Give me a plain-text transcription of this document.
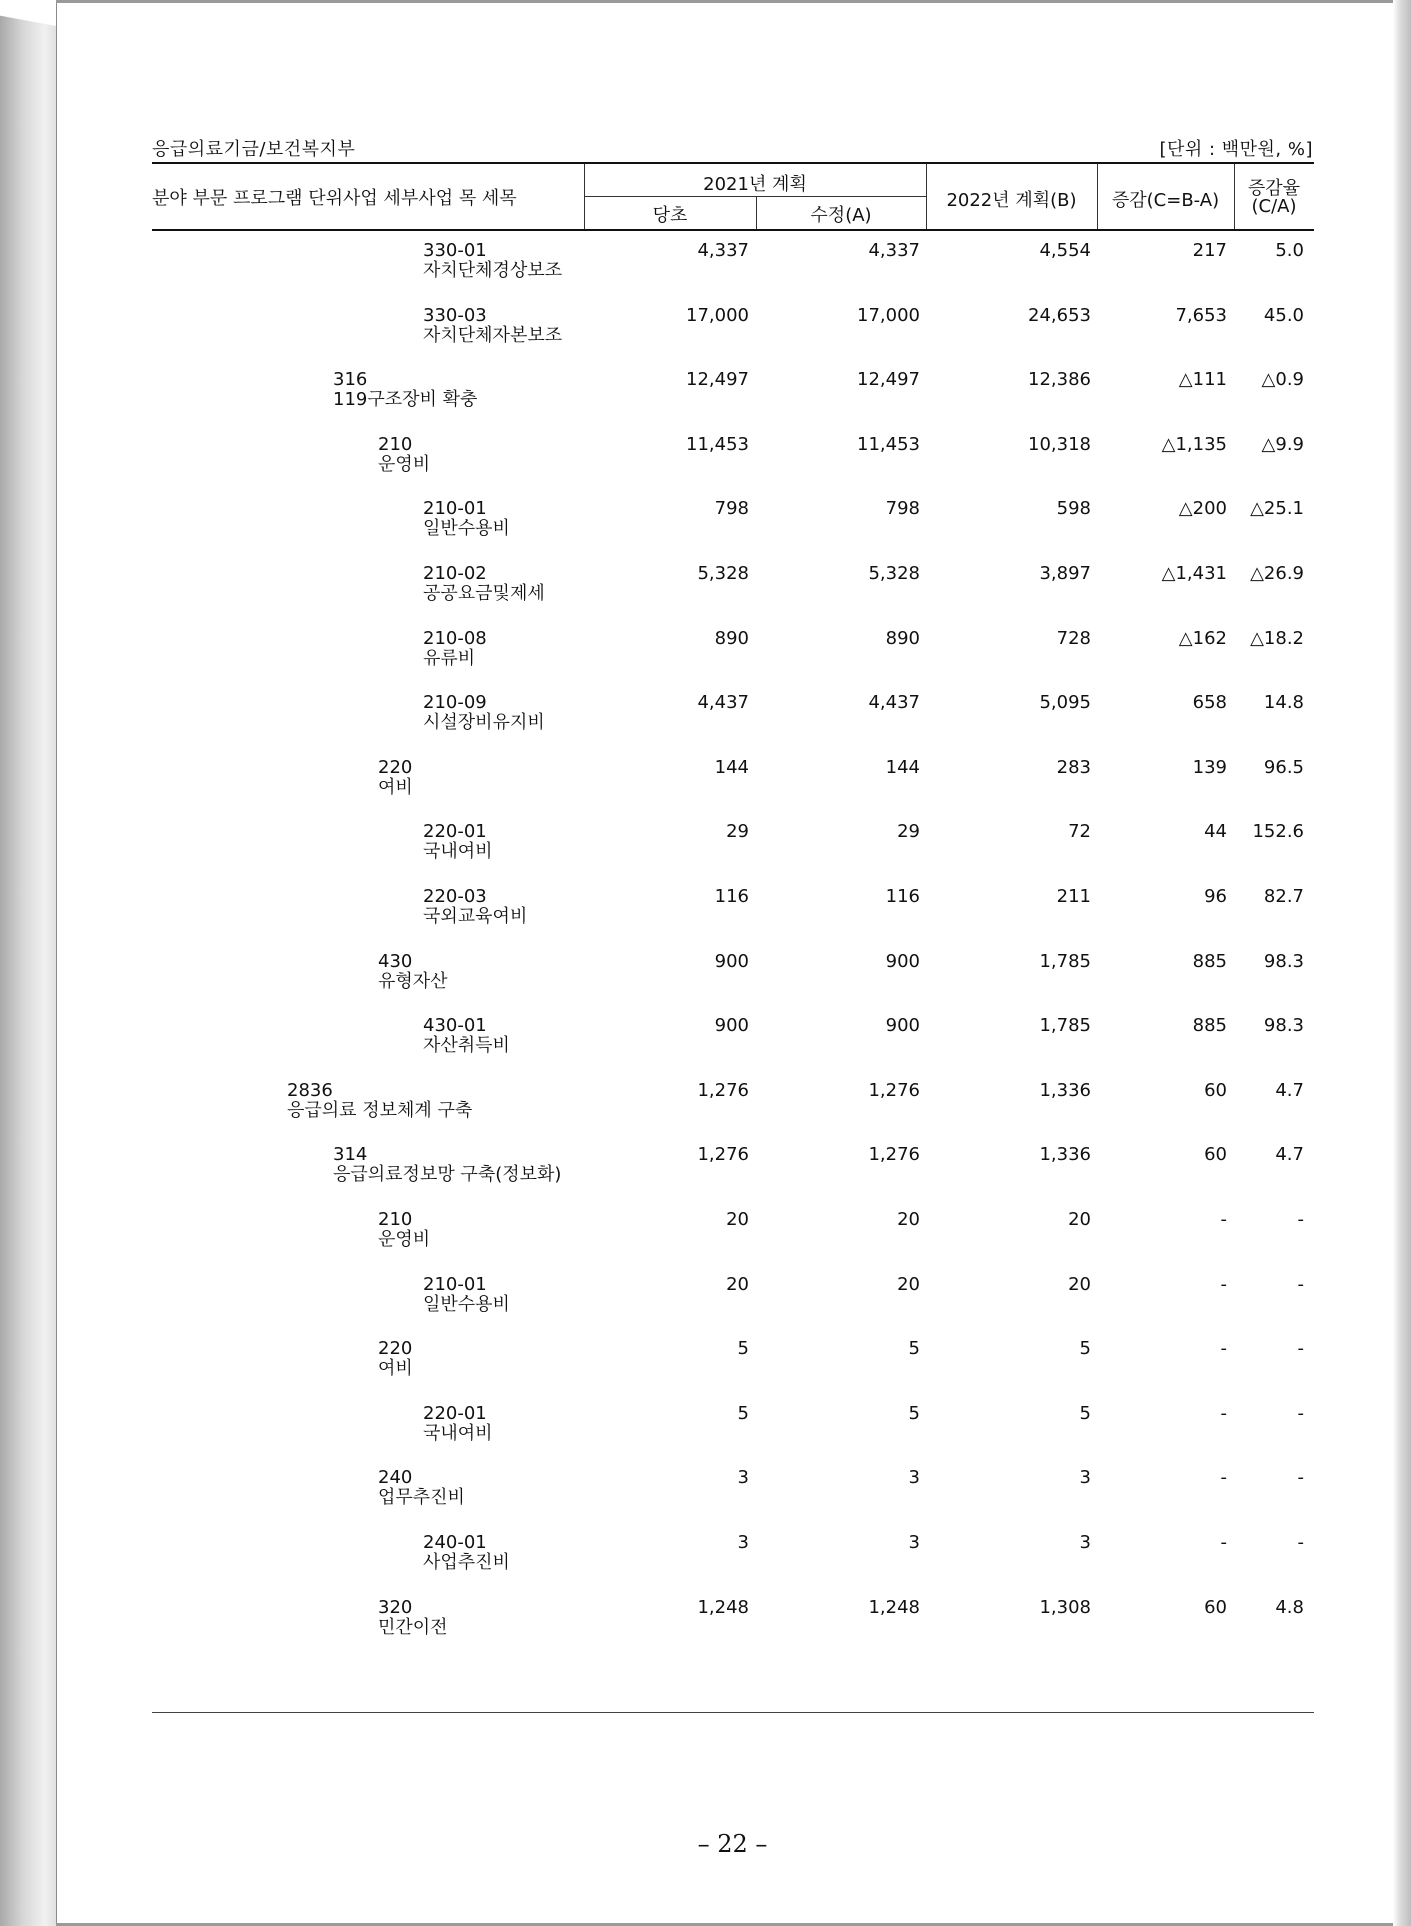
응급의료기금/보건복지부	[단위 : 백만원, %]
분야 부문 프로그램 단위사업 세부사업 목 세목
2021년 계획
당초	수정(A)
2022년 계획(B)	증감(C=B-A)
증감율
(C/A)
330-01
자치단체경상보조
4,337	4,337	4,554	217	5.0
330-03
자치단체자본보조
17,000	17,000	24,653	7,653 45.0
316
119구조장비 확충
12,497	12,497	12,386	△111 △0.9
210
운영비
11,453	11,453	10,318	△1,135 △9.9
210-01
일반수용비
798	798	598	△200 △25.1
210-02
공공요금및제세
5,328	5,328	3,897	△1,431 △26.9
210-08
유류비
890	890	728	△162 △18.2
210-09
시설장비유지비
4,437	4,437	5,095	658 14.8
220
여비
144	144	283	139 96.5
220-01
국내여비
29	29	72	44 152.6
220-03
국외교육여비
116	116	211	96 82.7
430
유형자산
900	900	1,785	885 98.3
430-01
자산취득비
900	900	1,785	885 98.3
2836
응급의료 정보체계 구축
1,276	1,276	1,336	60	4.7
314
응급의료정보망 구축(정보화)
1,276	1,276	1,336	60	4.7
210
운영비
20	20	20	-	-
210-01
일반수용비
20	20	20	-	-
220
여비
5	5	5	-	-
220-01
국내여비
5	5	5	-	-
240
업무추진비
3	3	3	-	-
240-01
사업추진비
3	3	3	-	-
320
민간이전
1,248	1,248	1,308	60	4.8
– 22 –
